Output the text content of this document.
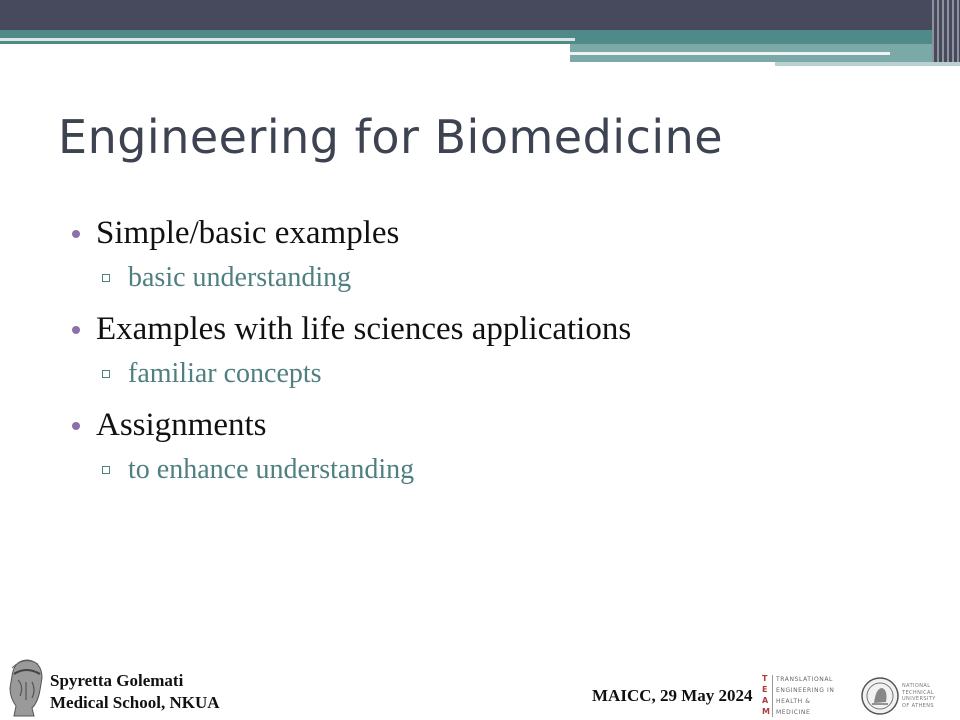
Engineering for Biomedicine
Simple/basic examples
basic understanding
Examples with life sciences applications
familiar concepts
Assignments
to enhance understanding
Spyretta Golemati
Medical School, NKUA	MAICC, 29 May 2024
T
E
A
M
TRANSLATIONAL
ENGINEERING IN
HEALTH &
MEDICINE
NATIONAL
TECHNICAL
UNIVERSITY
OF ATHENS
